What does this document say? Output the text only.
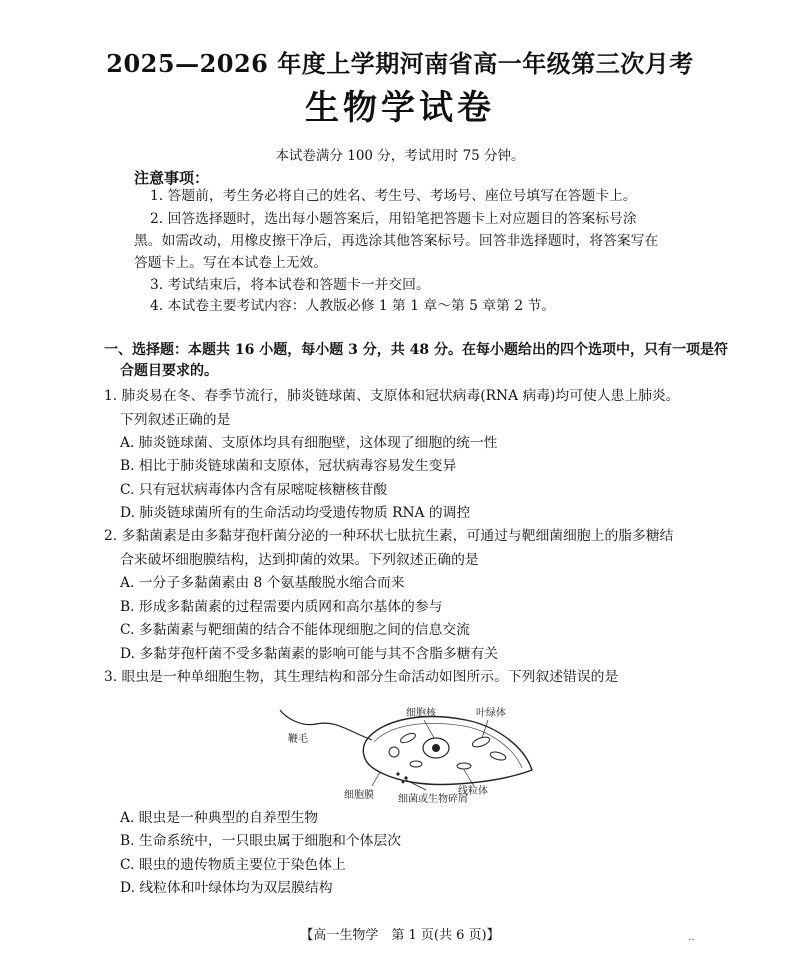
2025—2026 年度上学期河南省高一年级第三次月考
生物学试卷
本试卷满分 100 分，考试用时 75 分钟。
注意事项：
1. 答题前，考生务必将自己的姓名、考生号、考场号、座位号填写在答题卡上。
2. 回答选择题时，选出每小题答案后，用铅笔把答题卡上对应题目的答案标号涂
黑。如需改动，用橡皮擦干净后，再选涂其他答案标号。回答非选择题时，将答案写在
答题卡上。写在本试卷上无效。
3. 考试结束后，将本试卷和答题卡一并交回。
4. 本试卷主要考试内容：人教版必修 1 第 1 章～第 5 章第 2 节。
一、选择题：本题共 16 小题，每小题 3 分，共 48 分。在每小题给出的四个选项中，只有一项是符
合题目要求的。
1. 肺炎易在冬、春季节流行，肺炎链球菌、支原体和冠状病毒(RNA 病毒)均可使人患上肺炎。
下列叙述正确的是
A. 肺炎链球菌、支原体均具有细胞壁，这体现了细胞的统一性
B. 相比于肺炎链球菌和支原体，冠状病毒容易发生变异
C. 只有冠状病毒体内含有尿嘧啶核糖核苷酸
D. 肺炎链球菌所有的生命活动均受遗传物质 RNA 的调控
2. 多黏菌素是由多黏芽孢杆菌分泌的一种环状七肽抗生素，可通过与靶细菌细胞上的脂多糖结
合来破坏细胞膜结构，达到抑菌的效果。下列叙述正确的是
A. 一分子多黏菌素由 8 个氨基酸脱水缩合而来
B. 形成多黏菌素的过程需要内质网和高尔基体的参与
C. 多黏菌素与靶细菌的结合不能体现细胞之间的信息交流
D. 多黏芽孢杆菌不受多黏菌素的影响可能与其不含脂多糖有关
3. 眼虫是一种单细胞生物，其生理结构和部分生命活动如图所示。下列叙述错误的是
鞭毛
细胞核	叶绿体
细胞膜 细菌或生物碎屑
线粒体
A. 眼虫是一种典型的自养型生物
B. 生命系统中，一只眼虫属于细胞和个体层次
C. 眼虫的遗传物质主要位于染色体上
D. 线粒体和叶绿体均为双层膜结构
【高一生物学　第 1 页(共 6 页)】	‥
